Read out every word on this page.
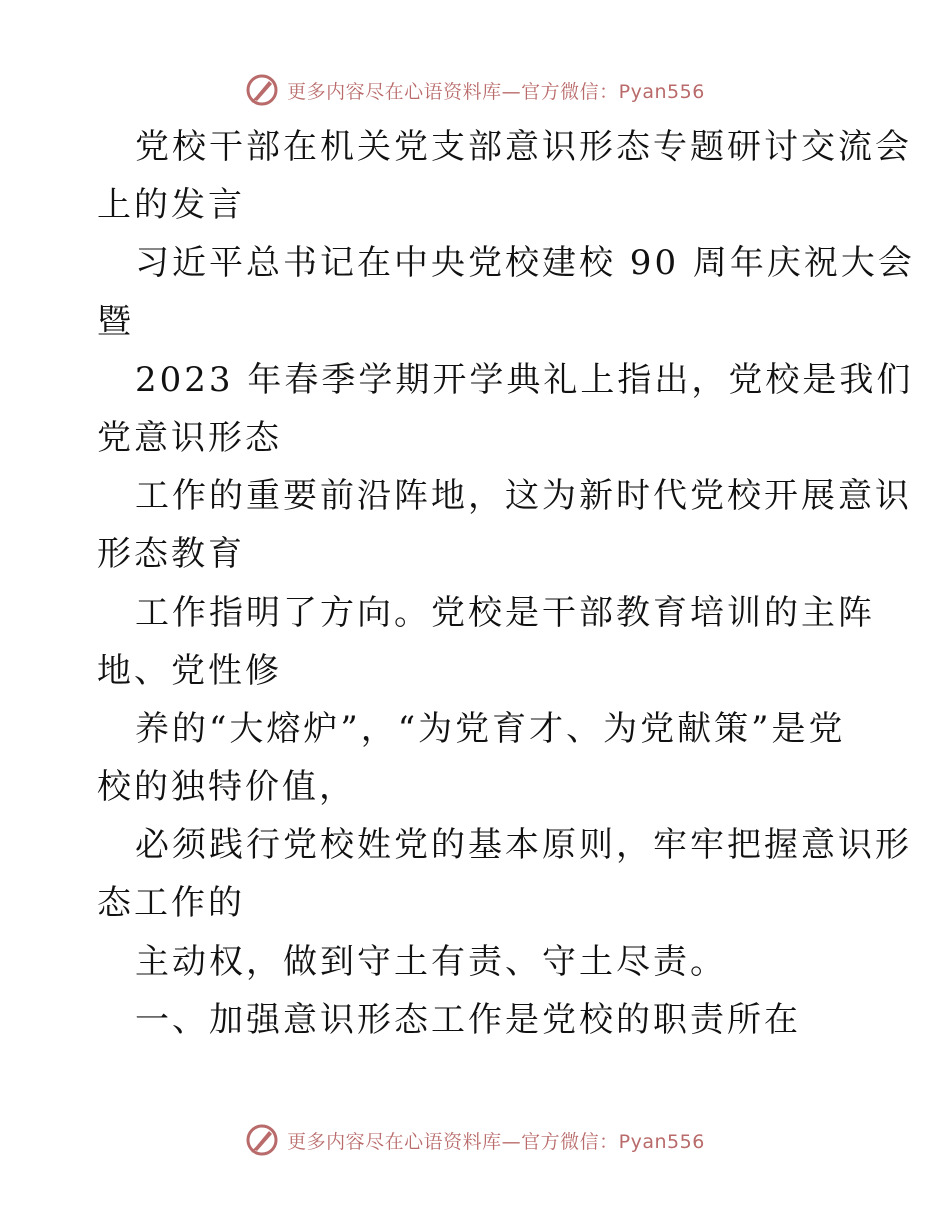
更多内容尽在心语资料库—官方微信：Pyan556
党校干部在机关党支部意识形态专题研讨交流会
上的发言
习近平总书记在中央党校建校 90 周年庆祝大会
暨
2023 年春季学期开学典礼上指出，党校是我们
党意识形态
工作的重要前沿阵地，这为新时代党校开展意识
形态教育
工作指明了方向。党校是干部教育培训的主阵
地、党性修
养的“大熔炉”，“为党育才、为党献策”是党
校的独特价值，
必须践行党校姓党的基本原则，牢牢把握意识形
态工作的
主动权，做到守土有责、守土尽责。
一、加强意识形态工作是党校的职责所在
更多内容尽在心语资料库—官方微信：Pyan556
